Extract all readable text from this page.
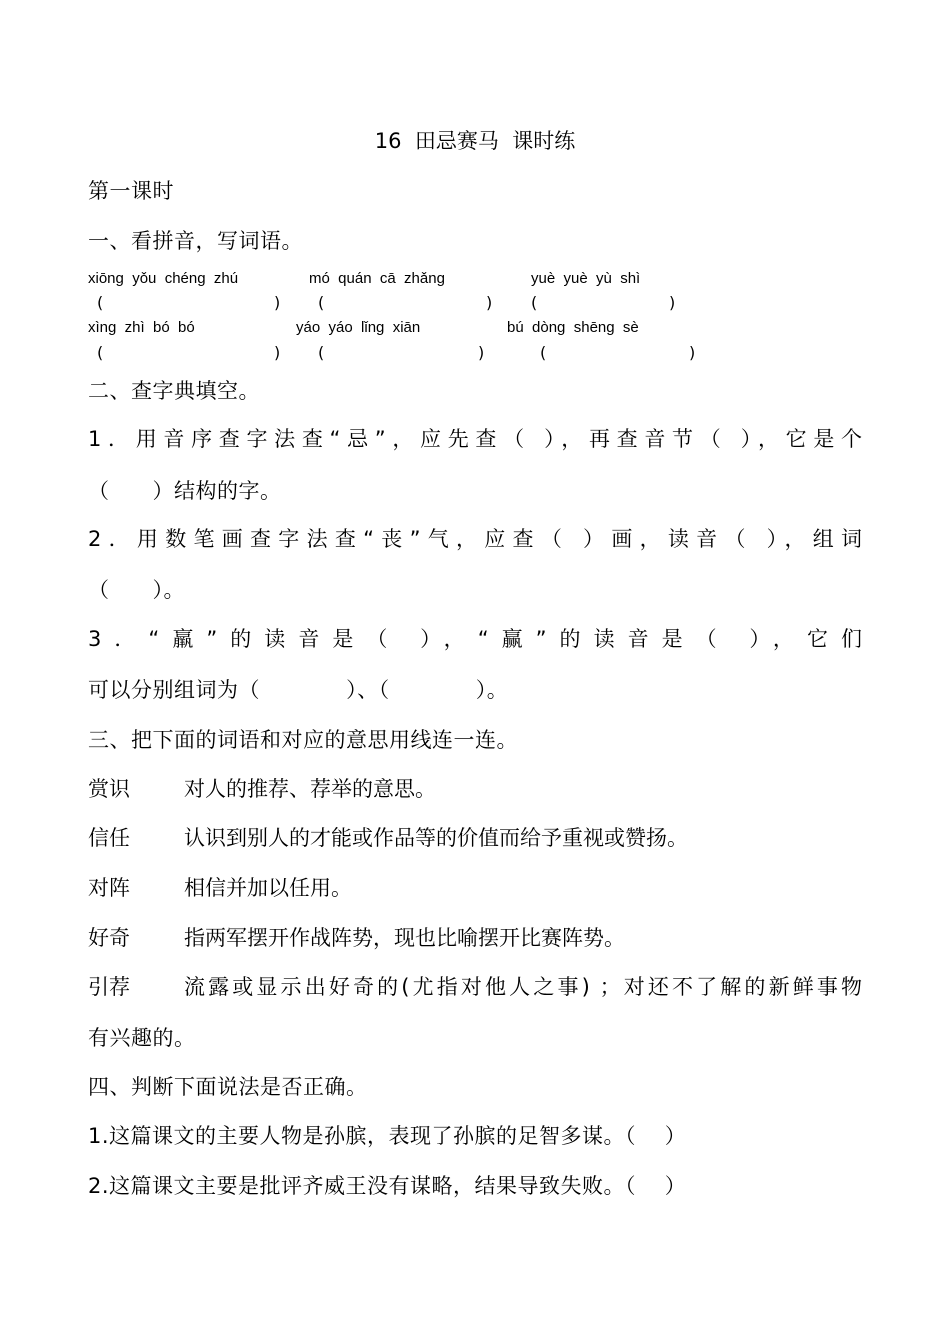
16  田忌赛马  课时练
第一课时
一、看拼音，写词语。
xiōng  yǒu  chéng  zhú	mó  quán  cā  zhǎng	yuè  yuè  yù  shì
(	) (	) (	)
xìng  zhì  bó  bó	yáo  yáo  lǐng  xiān	bú  dòng  shēng  sè
(	) (	)	(	)
二、查字典填空。
1．用音序查字法查“忌”，应先查（ ），再查音节（ ），它是个
（      ）结构的字。
2．用数笔画查字法查“丧”气，应查（ ）画，读音（ ），组词
（      ）。
3．“羸”的读音是（ ），“赢”的读音是（ ），它们
可以分别组词为（            ）、（            ）。
三、把下面的词语和对应的意思用线连一连。
赏识	对人的推荐、荐举的意思。
信任	认识到别人的才能或作品等的价值而给予重视或赞扬。
对阵	相信并加以任用。
好奇	指两军摆开作战阵势，现也比喻摆开比赛阵势。
引荐	流露或显示出好奇的(尤指对他人之事) ；对还不了解的新鲜事物
有兴趣的。
四、判断下面说法是否正确。
1.这篇课文的主要人物是孙膑，表现了孙膑的足智多谋。（    ）
2.这篇课文主要是批评齐威王没有谋略，结果导致失败。（    ）
